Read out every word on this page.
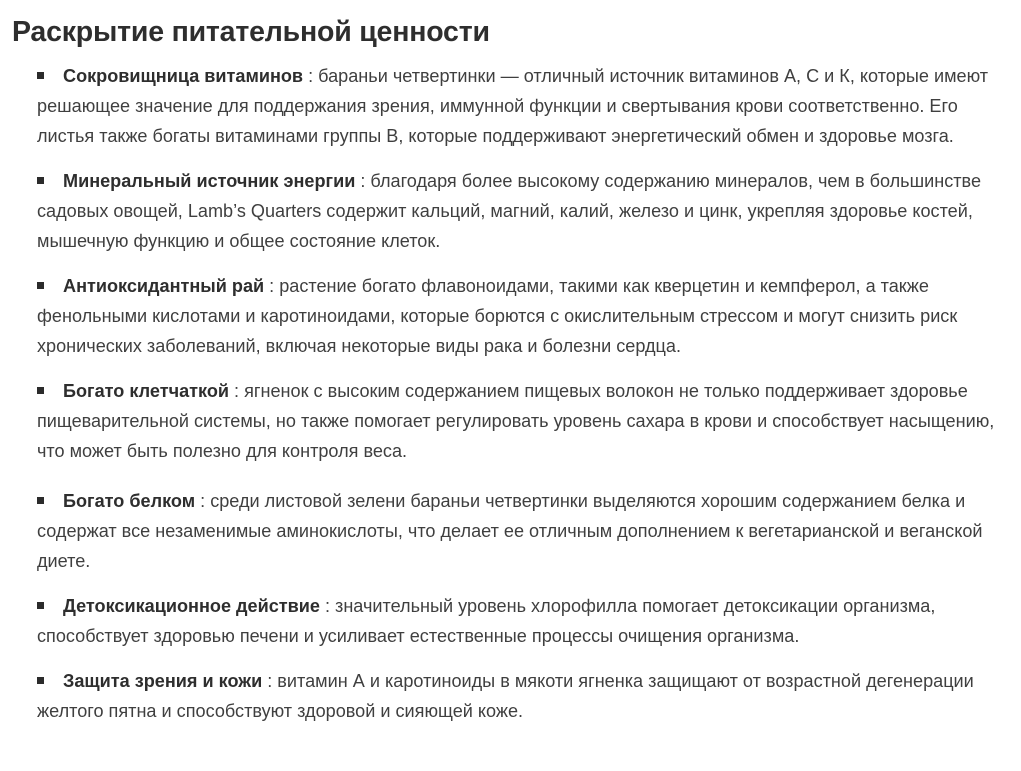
Раскрытие питательной ценности
Сокровищница витаминов : бараньи четвертинки — отличный источник витаминов А, С и К, которые имеют решающее значение для поддержания зрения, иммунной функции и свертывания крови соответственно. Его листья также богаты витаминами группы В, которые поддерживают энергетический обмен и здоровье мозга.
Минеральный источник энергии : благодаря более высокому содержанию минералов, чем в большинстве садовых овощей, Lamb’s Quarters содержит кальций, магний, калий, железо и цинк, укрепляя здоровье костей, мышечную функцию и общее состояние клеток.
Антиоксидантный рай : растение богато флавоноидами, такими как кверцетин и кемпферол, а также фенольными кислотами и каротиноидами, которые борются с окислительным стрессом и могут снизить риск хронических заболеваний, включая некоторые виды рака и болезни сердца.
Богато клетчаткой : ягненок с высоким содержанием пищевых волокон не только поддерживает здоровье пищеварительной системы, но также помогает регулировать уровень сахара в крови и способствует насыщению, что может быть полезно для контроля веса.
Богато белком : среди листовой зелени бараньи четвертинки выделяются хорошим содержанием белка и содержат все незаменимые аминокислоты, что делает ее отличным дополнением к вегетарианской и веганской диете.
Детоксикационное действие : значительный уровень хлорофилла помогает детоксикации организма, способствует здоровью печени и усиливает естественные процессы очищения организма.
Защита зрения и кожи : витамин А и каротиноиды в мякоти ягненка защищают от возрастной дегенерации желтого пятна и способствуют здоровой и сияющей коже.
